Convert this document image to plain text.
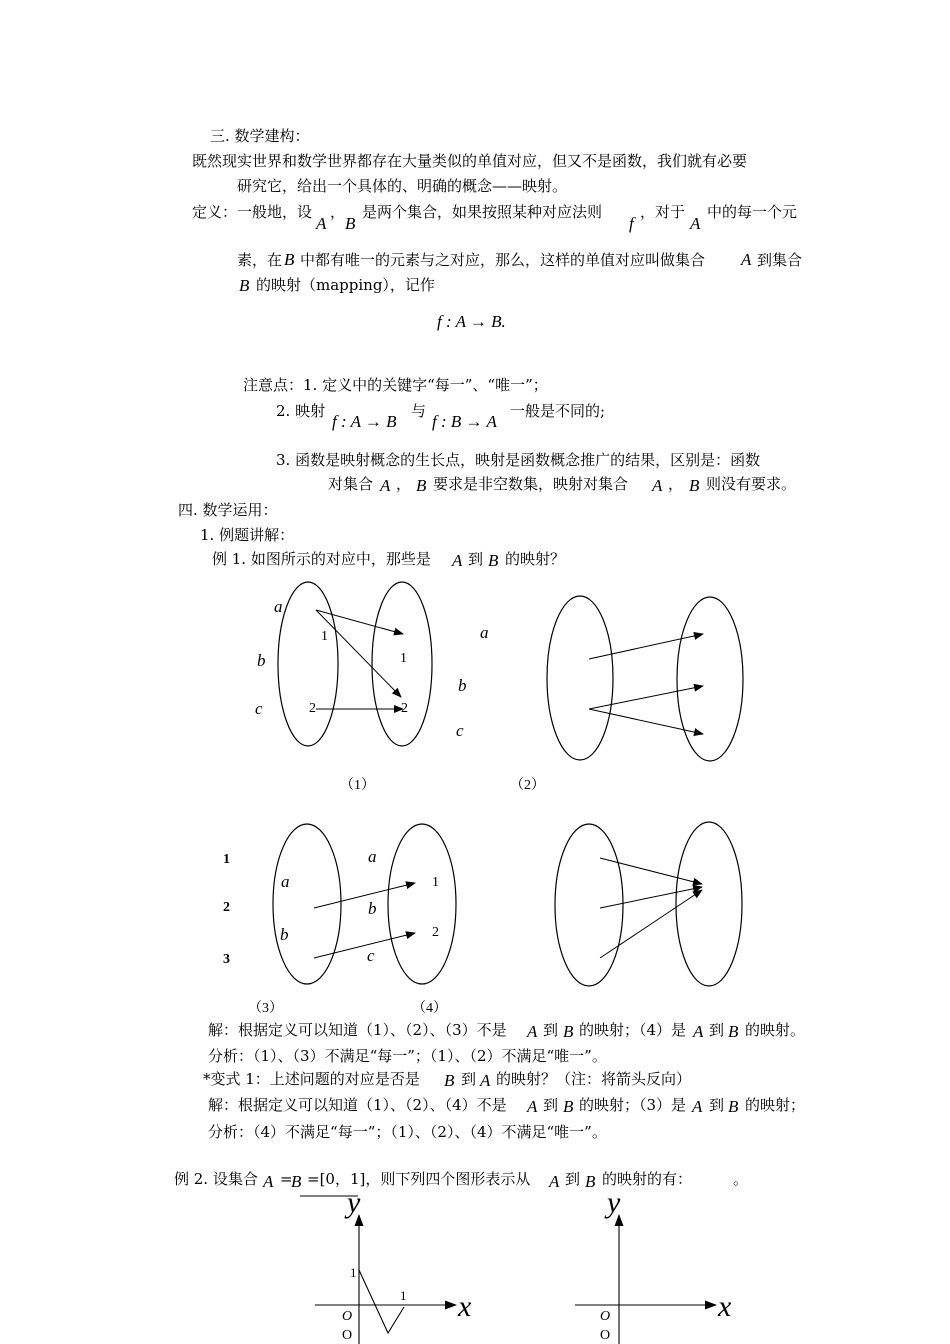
三. 数学建构：
既然现实世界和数学世界都存在大量类似的单值对应，但又不是函数，我们就有必要
研究它，给出一个具体的、明确的概念——映射。
定义：一般地，设
A
，
B
是两个集合，如果按照某种对应法则
f
，对于
A
中的每一个元
素，在 B 中都有唯一的元素与之对应，那么，这样的单值对应叫做集合 A 到集合
B 的映射（mapping），记作
f : A → B.
注意点：1. 定义中的关键字“每一”、“唯一”；
2. 映射
f : A → B
与
f : B → A
一般是不同的;
3. 函数是映射概念的生长点，映射是函数概念推广的结果，区别是：函数
对集合 A ， B 要求是非空数集，映射对集合 A ， B 则没有要求。
四. 数学运用：
1. 例题讲解：
例 1. 如图所示的对应中，那些是 A 到 B 的映射？
a
b
c
1
2
1
2
（1）
a
b
c
（2）
1
2
3
a
b
1
2
（3）
a
b
c
（4）
解：根据定义可以知道（1）、（2）、（3）不是 A 到 B 的映射；（4）是 A 到 B 的映射。
分析：（1）、（3）不满足“每一”；（1）、（2）不满足“唯一”。
*变式 1：上述问题的对应是否是 B 到 A 的映射？（注：将箭头反向）
解：根据定义可以知道（1）、（2）、（4）不是 A 到 B 的映射；（3）是 A 到 B 的映射；
分析：（4）不满足“每一”；（1）、（2）、（4）不满足“唯一”。
例 2. 设集合 A =
B =[0，1]，则下列四个图形表示从 A 到 B 的映射的有：	。
y
x
1
1
O
O
y
x
O
O
